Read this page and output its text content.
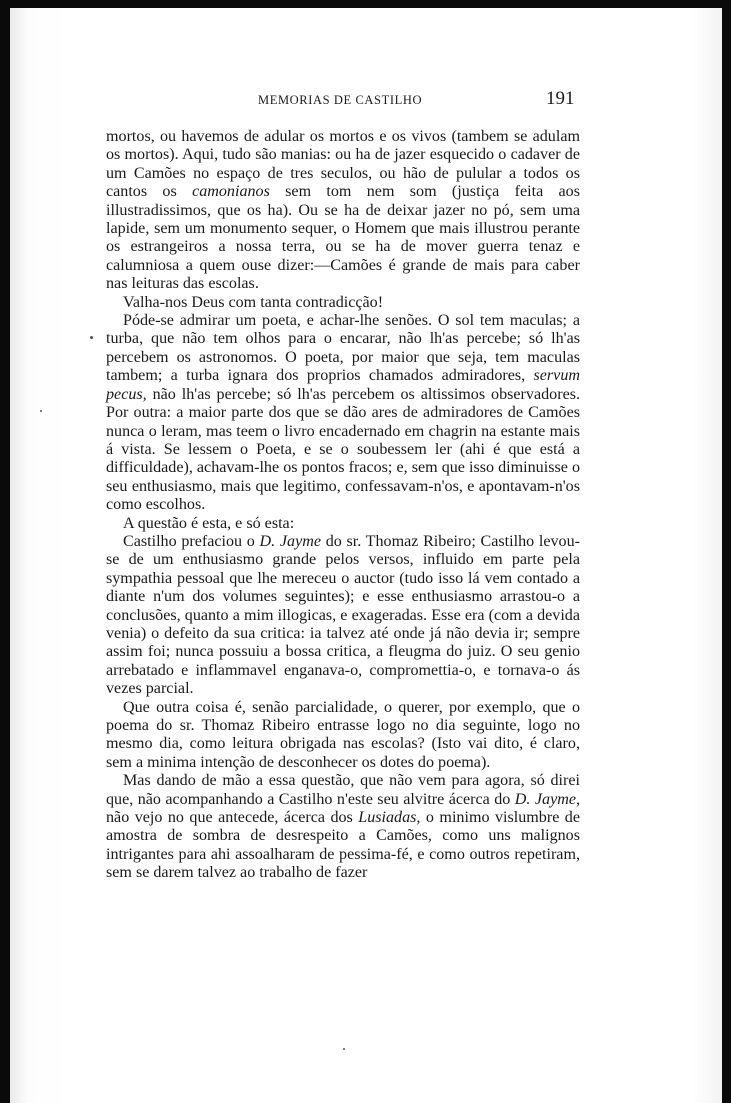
MEMORIAS DE CASTILHO	191

mortos, ou havemos de adular os mortos e os vivos (tambem se adulam os mortos). Aqui, tudo são manias: ou ha de jazer esquecido o cadaver de um Camões no espaço de tres seculos, ou hão de pulular a todos os cantos os camonianos sem tom nem som (justiça feita aos illustradissimos, que os ha). Ou se ha de deixar jazer no pó, sem uma lapide, sem um monumento sequer, o Homem que mais illustrou perante os estrangeiros a nossa terra, ou se ha de mover guerra tenaz e calumniosa a quem ouse dizer:—Camões é grande de mais para caber nas leituras das escolas.

Valha-nos Deus com tanta contradicção!

Póde-se admirar um poeta, e achar-lhe senões. O sol tem maculas; a turba, que não tem olhos para o encarar, não lh'as percebe; só lh'as percebem os astronomos. O poeta, por maior que seja, tem maculas tambem; a turba ignara dos proprios chamados admiradores, servum pecus, não lh'as percebe; só lh'as percebem os altissimos observadores. Por outra: a maior parte dos que se dão ares de admiradores de Camões nunca o leram, mas teem o livro encadernado em chagrin na estante mais á vista. Se lessem o Poeta, e se o soubessem ler (ahi é que está a difficuldade), achavam-lhe os pontos fracos; e, sem que isso diminuisse o seu enthusiasmo, mais que legitimo, confessavam-n'os, e apontavam-n'os como escolhos.

A questão é esta, e só esta:

Castilho prefaciou o D. Jayme do sr. Thomaz Ribeiro; Castilho levou-se de um enthusiasmo grande pelos versos, influido em parte pela sympathia pessoal que lhe mereceu o auctor (tudo isso lá vem contado a diante n'um dos volumes seguintes); e esse enthusiasmo arrastou-o a conclusões, quanto a mim illogicas, e exageradas. Esse era (com a devida venia) o defeito da sua critica: ia talvez até onde já não devia ir; sempre assim foi; nunca possuiu a bossa critica, a fleugma do juiz. O seu genio arrebatado e inflammavel enganava-o, compromettia-o, e tornava-o ás vezes parcial.

Que outra coisa é, senão parcialidade, o querer, por exemplo, que o poema do sr. Thomaz Ribeiro entrasse logo no dia seguinte, logo no mesmo dia, como leitura obrigada nas escolas? (Isto vai dito, é claro, sem a minima intenção de desconhecer os dotes do poema).

Mas dando de mão a essa questão, que não vem para agora, só direi que, não acompanhando a Castilho n'este seu alvitre ácerca do D. Jayme, não vejo no que antecede, ácerca dos Lusiadas, o minimo vislumbre de amostra de sombra de desrespeito a Camões, como uns malignos intrigantes para ahi assoalharam de pessima-fé, e como outros repetiram, sem se darem talvez ao trabalho de fazer
